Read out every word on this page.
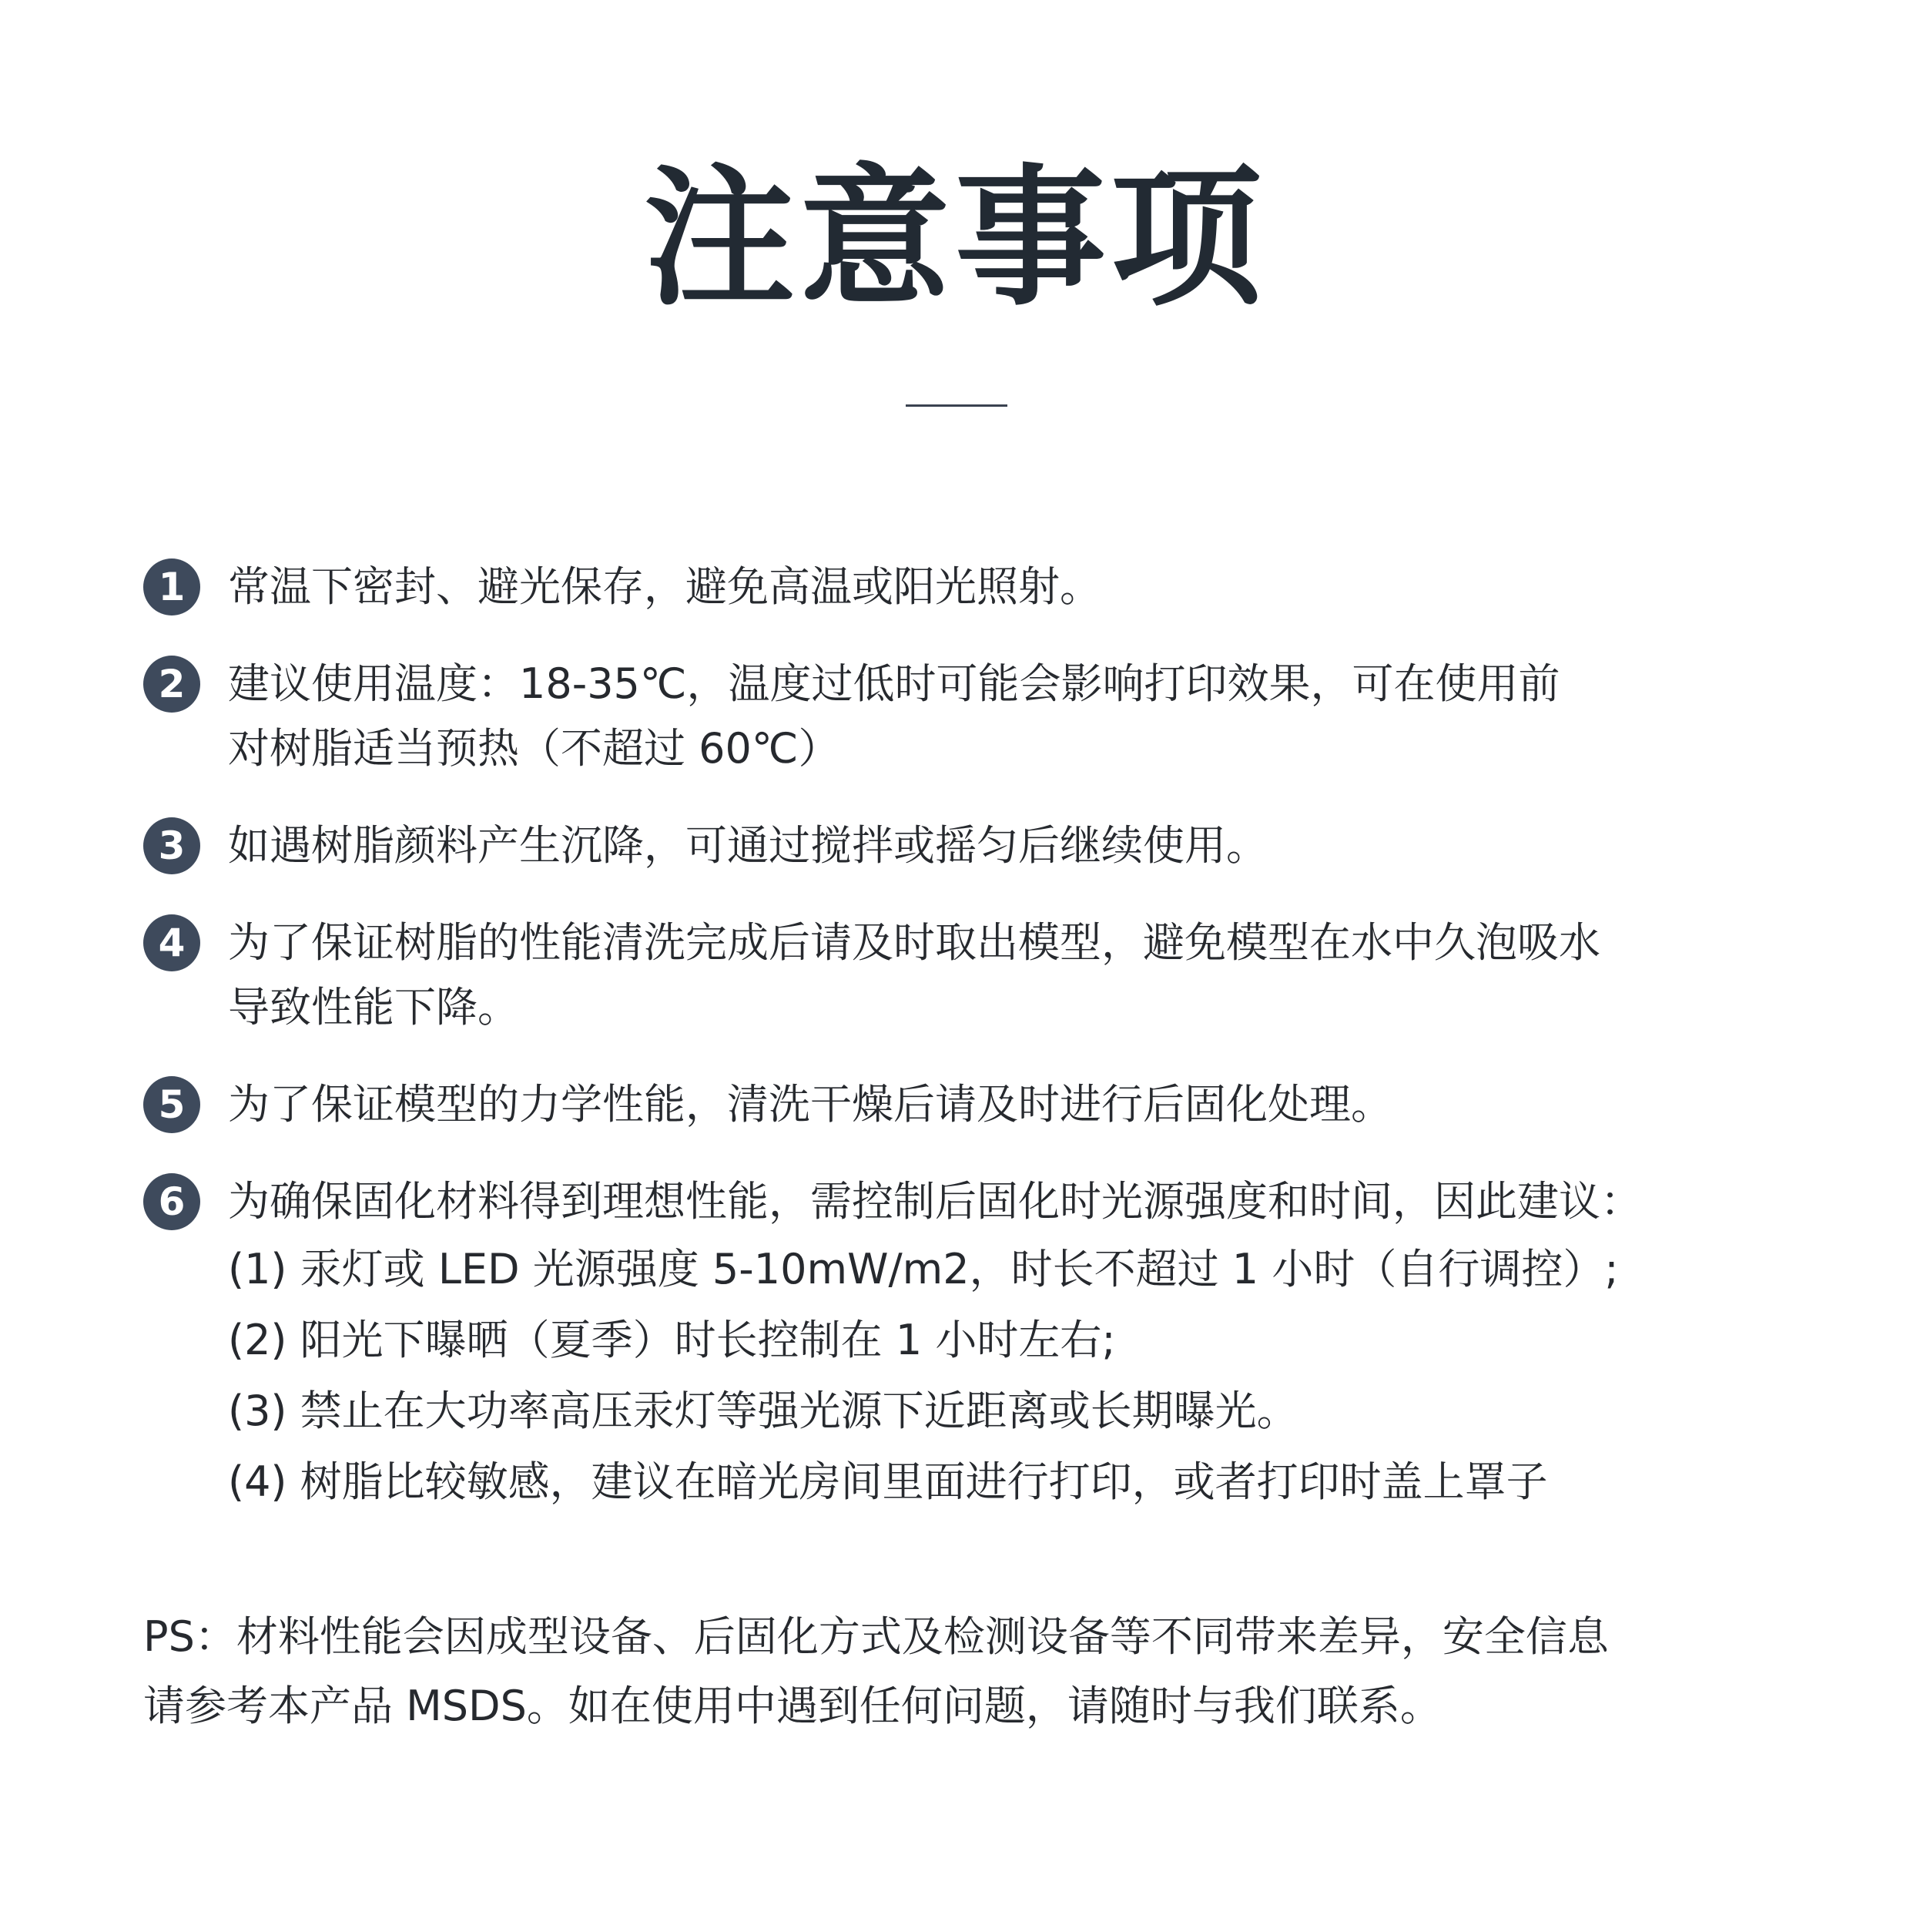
注意事项
1	常温下密封、避光保存，避免高温或阳光照射。
2	建议使用温度：18-35℃，温度过低时可能会影响打印效果，可在使用前
对树脂适当预热（不超过 60℃）
3	如遇树脂颜料产生沉降，可通过搅拌或摇匀后继续使用。
4	为了保证树脂的性能清洗完成后请及时取出模型，避免模型在水中久泡吸水
导致性能下降。
5	为了保证模型的力学性能，清洗干燥后请及时进行后固化处理。
6	为确保固化材料得到理想性能，需控制后固化时光源强度和时间，因此建议：
(1) 汞灯或 LED 光源强度 5-10mW/m2，时长不超过 1 小时（自行调控）;
(2) 阳光下曝晒（夏季）时长控制在 1 小时左右;
(3) 禁止在大功率高压汞灯等强光源下近距离或长期曝光。
(4) 树脂比较敏感，建议在暗光房间里面进行打印，或者打印时盖上罩子
PS：材料性能会因成型设备、后固化方式及检测设备等不同带来差异，安全信息
请参考本产品 MSDS。如在使用中遇到任何问题，请随时与我们联系。
